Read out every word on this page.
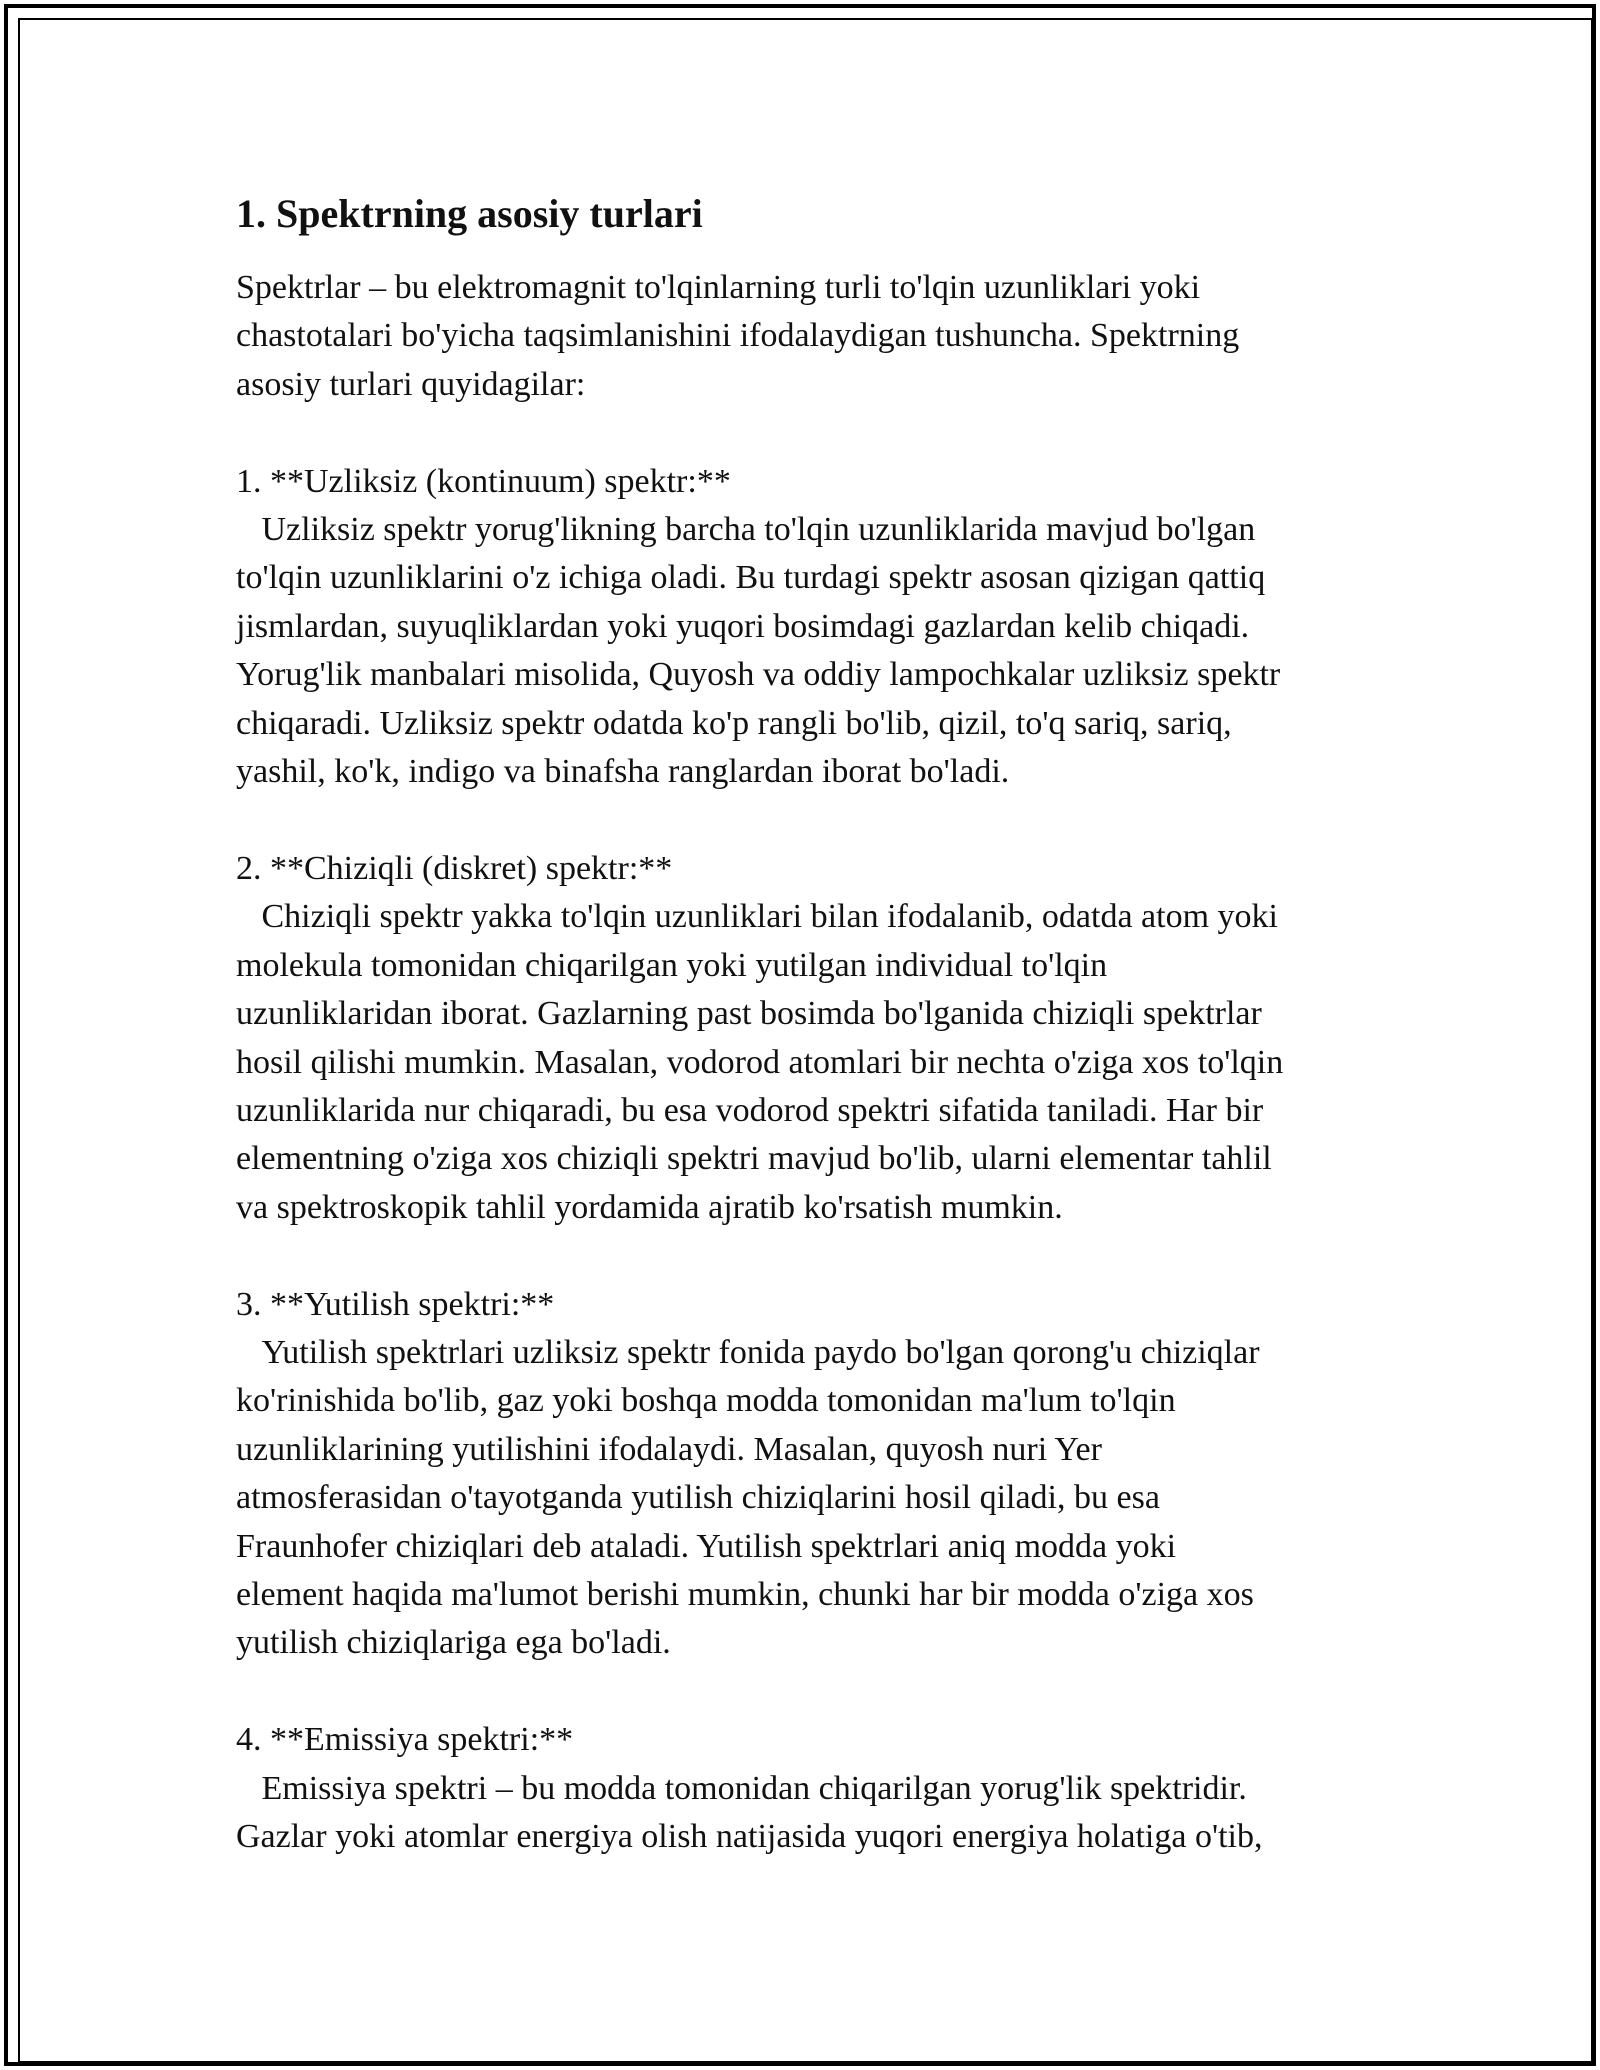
1. Spektrning asosiy turlari

Spektrlar – bu elektromagnit to'lqinlarning turli to'lqin uzunliklari yoki
chastotalari bo'yicha taqsimlanishini ifodalaydigan tushuncha. Spektrning
asosiy turlari quyidagilar:

1. **Uzliksiz (kontinuum) spektr:**
Uzliksiz spektr yorug'likning barcha to'lqin uzunliklarida mavjud bo'lgan
to'lqin uzunliklarini o'z ichiga oladi. Bu turdagi spektr asosan qizigan qattiq
jismlardan, suyuqliklardan yoki yuqori bosimdagi gazlardan kelib chiqadi.
Yorug'lik manbalari misolida, Quyosh va oddiy lampochkalar uzliksiz spektr
chiqaradi. Uzliksiz spektr odatda ko'p rangli bo'lib, qizil, to'q sariq, sariq,
yashil, ko'k, indigo va binafsha ranglardan iborat bo'ladi.

2. **Chiziqli (diskret) spektr:**
Chiziqli spektr yakka to'lqin uzunliklari bilan ifodalanib, odatda atom yoki
molekula tomonidan chiqarilgan yoki yutilgan individual to'lqin
uzunliklaridan iborat. Gazlarning past bosimda bo'lganida chiziqli spektrlar
hosil qilishi mumkin. Masalan, vodorod atomlari bir nechta o'ziga xos to'lqin
uzunliklarida nur chiqaradi, bu esa vodorod spektri sifatida taniladi. Har bir
elementning o'ziga xos chiziqli spektri mavjud bo'lib, ularni elementar tahlil
va spektroskopik tahlil yordamida ajratib ko'rsatish mumkin.

3. **Yutilish spektri:**
Yutilish spektrlari uzliksiz spektr fonida paydo bo'lgan qorong'u chiziqlar
ko'rinishida bo'lib, gaz yoki boshqa modda tomonidan ma'lum to'lqin
uzunliklarining yutilishini ifodalaydi. Masalan, quyosh nuri Yer
atmosferasidan o'tayotganda yutilish chiziqlarini hosil qiladi, bu esa
Fraunhofer chiziqlari deb ataladi. Yutilish spektrlari aniq modda yoki
element haqida ma'lumot berishi mumkin, chunki har bir modda o'ziga xos
yutilish chiziqlariga ega bo'ladi.

4. **Emissiya spektri:**
Emissiya spektri – bu modda tomonidan chiqarilgan yorug'lik spektridir.
Gazlar yoki atomlar energiya olish natijasida yuqori energiya holatiga o'tib,
